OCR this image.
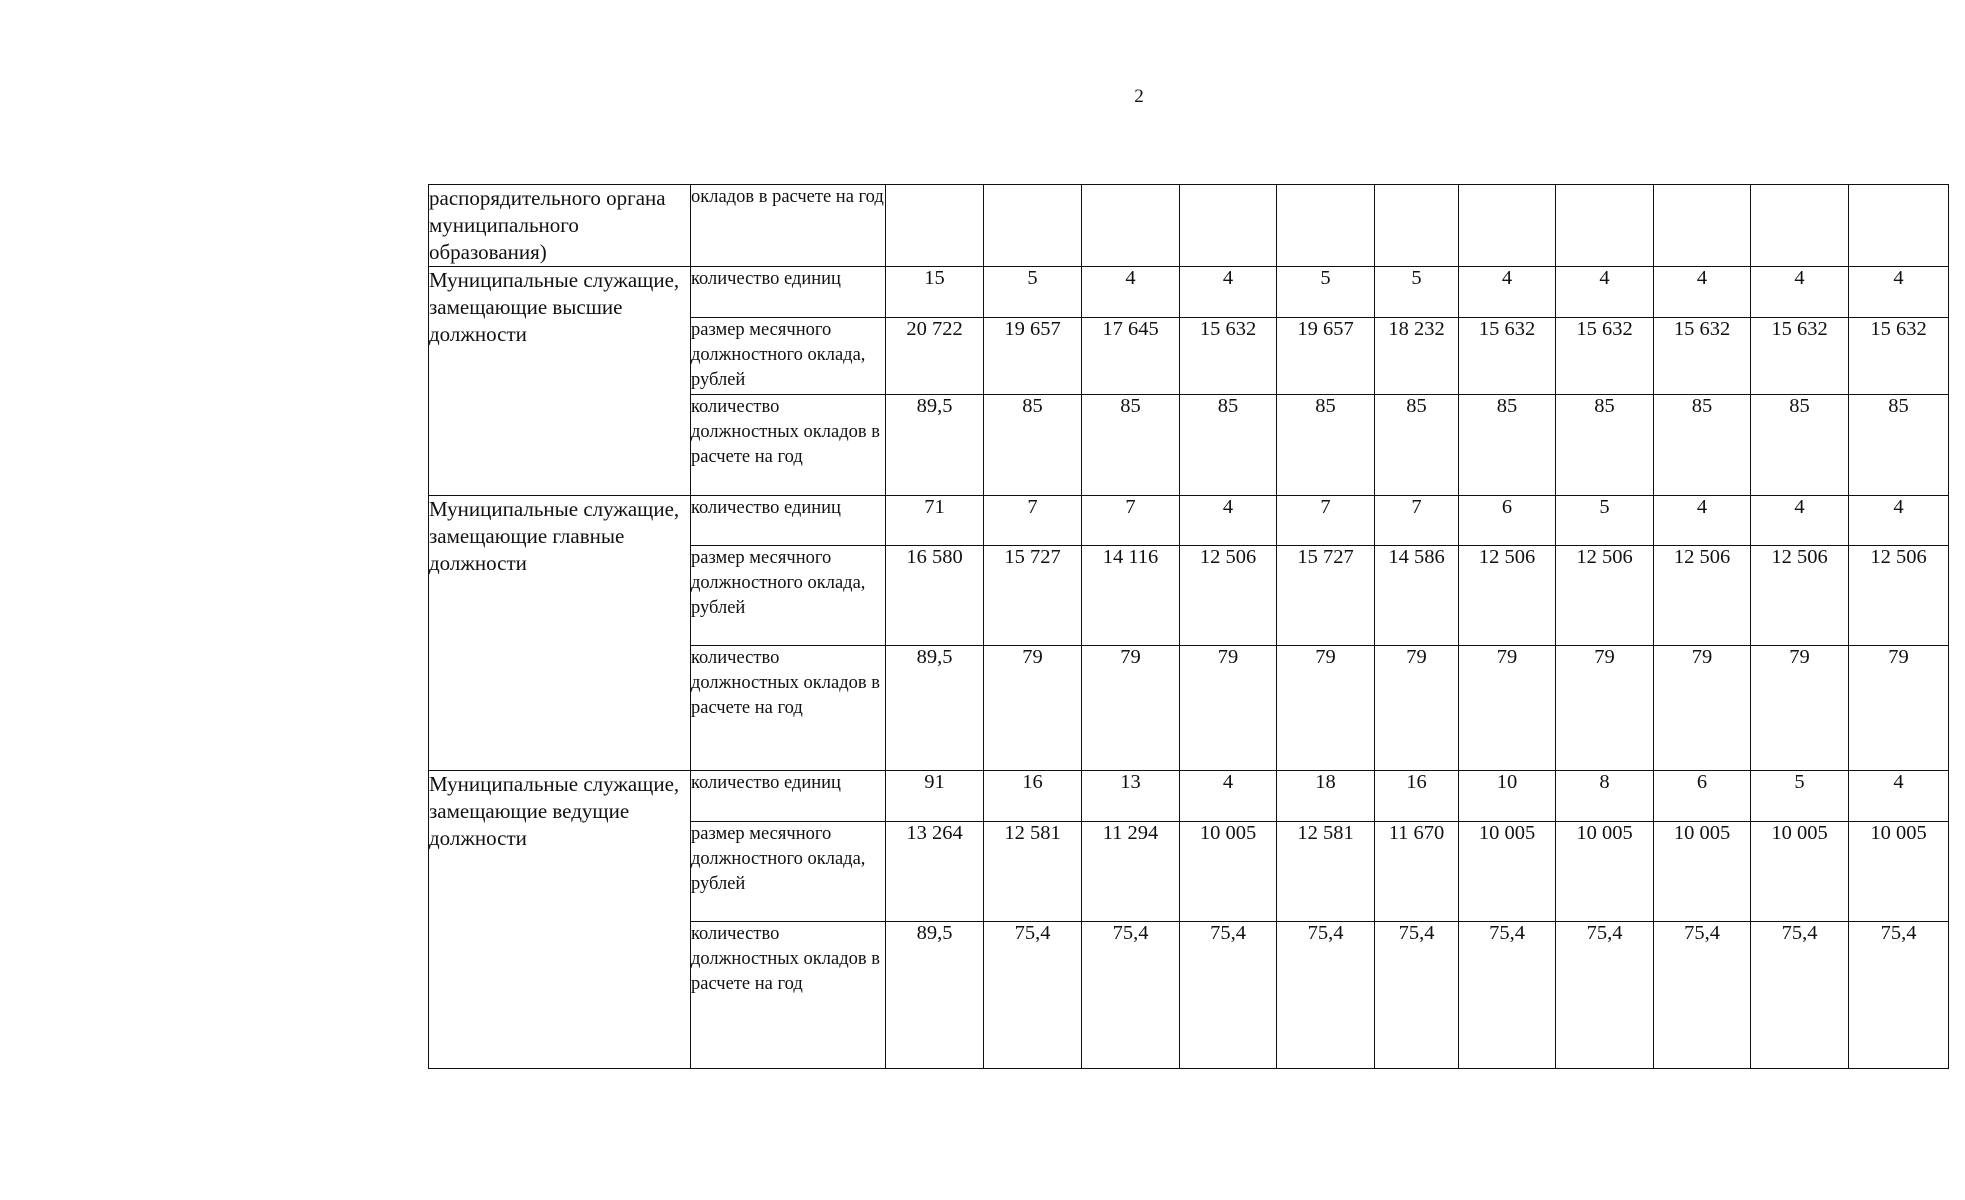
2
распорядительного органа муниципального образования)	окладов в расчете на год											
Муниципальные служащие, замещающие высшие должности	количество единиц	15	5	4	4	5	5	4	4	4	4	4
	размер месячного должностного оклада, рублей	20 722	19 657	17 645	15 632	19 657	18 232	15 632	15 632	15 632	15 632	15 632
	количество должностных окладов в расчете на год	89,5	85	85	85	85	85	85	85	85	85	85
Муниципальные служащие, замещающие главные должности	количество единиц	71	7	7	4	7	7	6	5	4	4	4
	размер месячного должностного оклада, рублей	16 580	15 727	14 116	12 506	15 727	14 586	12 506	12 506	12 506	12 506	12 506
	количество должностных окладов в расчете на год	89,5	79	79	79	79	79	79	79	79	79	79
Муниципальные служащие, замещающие ведущие должности	количество единиц	91	16	13	4	18	16	10	8	6	5	4
	размер месячного должностного оклада, рублей	13 264	12 581	11 294	10 005	12 581	11 670	10 005	10 005	10 005	10 005	10 005
	количество должностных окладов в расчете на год	89,5	75,4	75,4	75,4	75,4	75,4	75,4	75,4	75,4	75,4	75,4
